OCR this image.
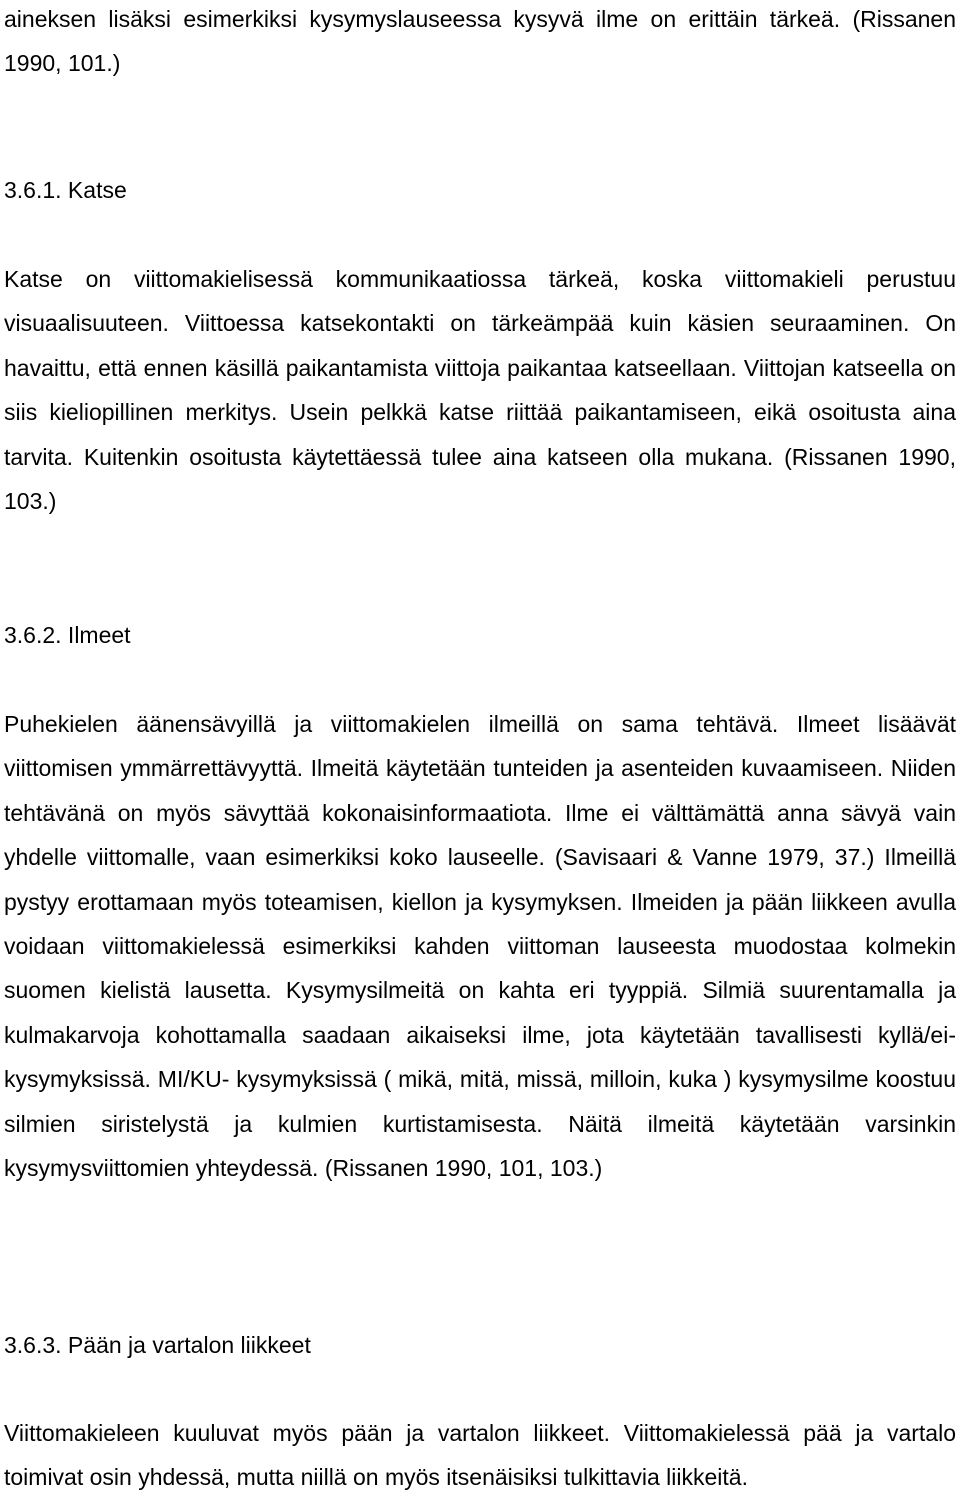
aineksen lisäksi esimerkiksi kysymyslauseessa kysyvä ilme on erittäin tärkeä. (Rissanen 1990, 101.)

3.6.1. Katse

Katse on viittomakielisessä kommunikaatiossa tärkeä, koska viittomakieli perustuu visuaalisuuteen. Viittoessa katsekontakti on tärkeämpää kuin käsien seuraaminen. On havaittu, että ennen käsillä paikantamista viittoja paikantaa katseellaan. Viittojan katseella on siis kieliopillinen merkitys. Usein pelkkä katse riittää paikantamiseen, eikä osoitusta aina tarvita. Kuitenkin osoitusta käytettäessä tulee aina katseen olla mukana. (Rissanen 1990, 103.)

3.6.2. Ilmeet

Puhekielen äänensävyillä ja viittomakielen ilmeillä on sama tehtävä. Ilmeet lisäävät viittomisen ymmärrettävyyttä. Ilmeitä käytetään tunteiden ja asenteiden kuvaamiseen. Niiden tehtävänä on myös sävyttää kokonaisinformaatiota. Ilme ei välttämättä anna sävyä vain yhdelle viittomalle, vaan esimerkiksi koko lauseelle. (Savisaari & Vanne 1979, 37.) Ilmeillä pystyy erottamaan myös toteamisen, kiellon ja kysymyksen. Ilmeiden ja pään liikkeen avulla voidaan viittomakielessä esimerkiksi kahden viittoman lauseesta muodostaa kolmekin suomen kielistä lausetta. Kysymysilmeitä on kahta eri tyyppiä. Silmiä suurentamalla ja kulmakarvoja kohottamalla saadaan aikaiseksi ilme, jota käytetään tavallisesti kyllä/ei-kysymyksissä. MI/KU- kysymyksissä ( mikä, mitä, missä, milloin, kuka ) kysymysilme koostuu silmien siristelystä ja kulmien kurtistamisesta. Näitä ilmeitä käytetään varsinkin kysymysviittomien yhteydessä. (Rissanen 1990, 101, 103.)

3.6.3. Pään ja vartalon liikkeet

Viittomakieleen kuuluvat myös pään ja vartalon liikkeet. Viittomakielessä pää ja vartalo toimivat osin yhdessä, mutta niillä on myös itsenäisiksi tulkittavia liikkeitä.
